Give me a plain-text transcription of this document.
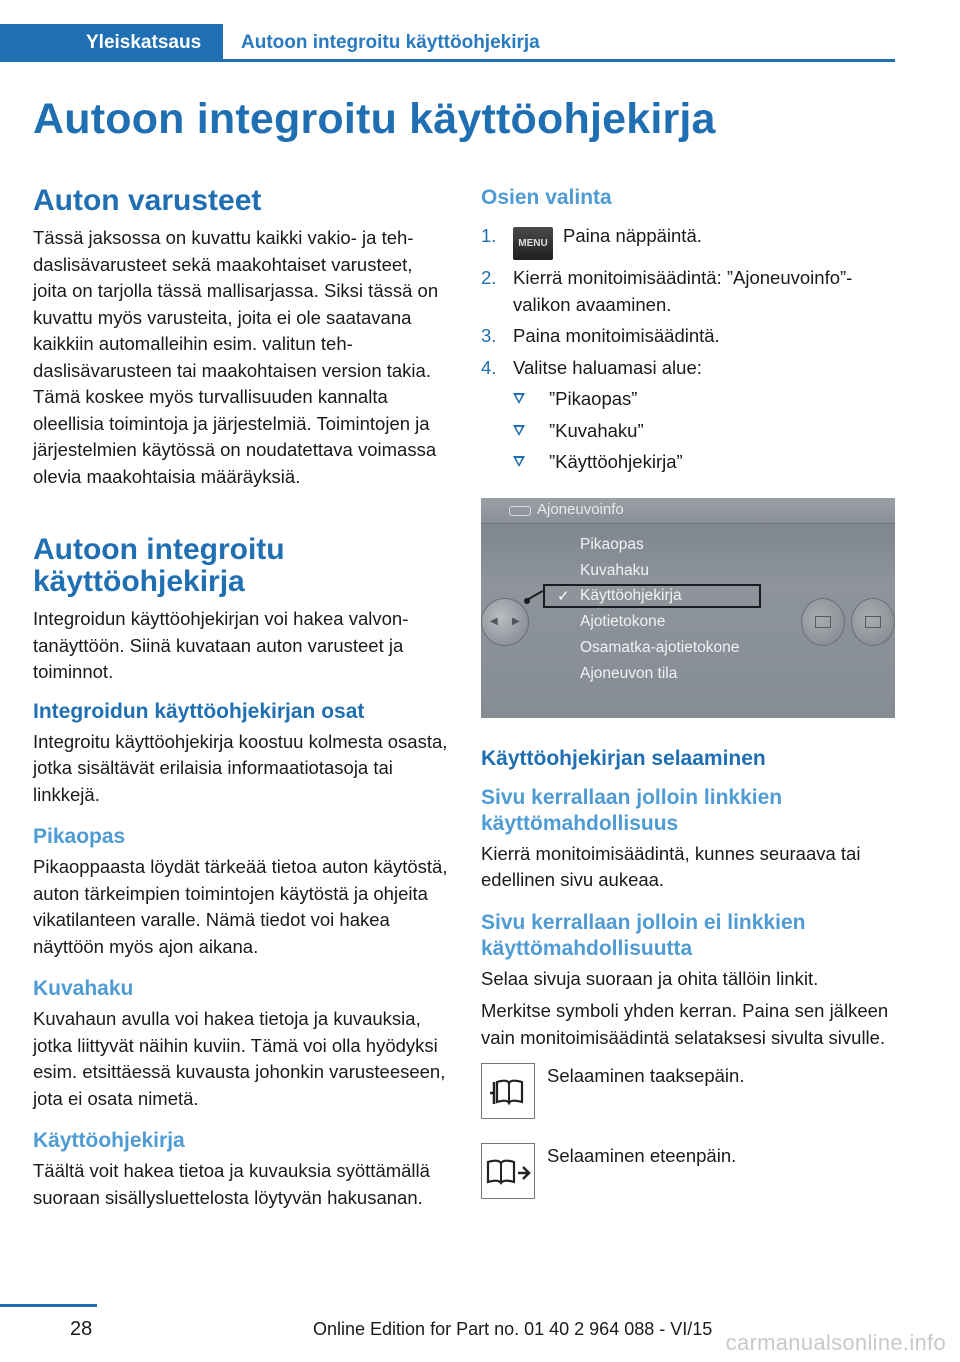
Yleiskatsaus	Autoon integroitu käyttöohjekirja
Autoon integroitu käyttöohjekirja
Auton varusteet

Tässä jaksossa on kuvattu kaikki vakio- ja tehdaslisävarusteet sekä maakohtaiset varusteet, joita on tarjolla tässä mallisarjassa. Siksi tässä on kuvattu myös varusteita, joita ei ole saatavana kaikkiin automalleihin esim. valitun tehdaslisävarusteen tai maakohtaisen version takia. Tämä koskee myös turvallisuuden kannalta oleellisia toimintoja ja järjestelmiä. Toimintojen ja järjestelmien käytössä on noudatettava voimassa olevia maakohtaisia määräyksiä.

Autoon integroitu käyttöohjekirja

Integroidun käyttöohjekirjan voi hakea valvontanäyttöön. Siinä kuvataan auton varusteet ja toiminnot.

Integroidun käyttöohjekirjan osat

Integroitu käyttöohjekirja koostuu kolmesta osasta, jotka sisältävät erilaisia informaatiotasoja tai linkkejä.

Pikaopas

Pikaoppaasta löydät tärkeää tietoa auton käytöstä, auton tärkeimpien toimintojen käytöstä ja ohjeita vikatilanteen varalle. Nämä tiedot voi hakea näyttöön myös ajon aikana.

Kuvahaku

Kuvahaun avulla voi hakea tietoja ja kuvauksia, jotka liittyvät näihin kuviin. Tämä voi olla hyödyksi esim. etsittäessä kuvausta johonkin varusteeseen, jota ei osata nimetä.

Käyttöohjekirja

Täältä voit hakea tietoa ja kuvauksia syöttämällä suoraan sisällysluettelosta löytyvän hakusanan.

Osien valinta
1. MENU Paina näppäintä.
2. Kierrä monitoimisäädintä: ”Ajoneuvoinfo”-valikon avaaminen.
3. Paina monitoimisäädintä.
4. Valitse haluamasi alue:
”Pikaopas”
”Kuvahaku”
”Käyttöohjekirja”
Ajoneuvoinfo
◀ ▶
✓
Pikaopas
Kuvahaku
Käyttöohjekirja
Ajotietokone
Osamatka-ajotietokone
Ajoneuvon tila
Käyttöohjekirjan selaaminen
Sivu kerrallaan jolloin linkkien käyttömahdollisuus

Kierrä monitoimisäädintä, kunnes seuraava tai edellinen sivu aukeaa.

Sivu kerrallaan jolloin ei linkkien käyttömahdollisuutta

Selaa sivuja suoraan ja ohita tällöin linkit.

Merkitse symboli yhden kerran. Paina sen jälkeen vain monitoimisäädintä selataksesi sivulta sivulle.

Selaaminen taaksepäin.
Selaaminen eteenpäin.
28	Online Edition for Part no. 01 40 2 964 088 - VI/15
carmanualsonline.info
